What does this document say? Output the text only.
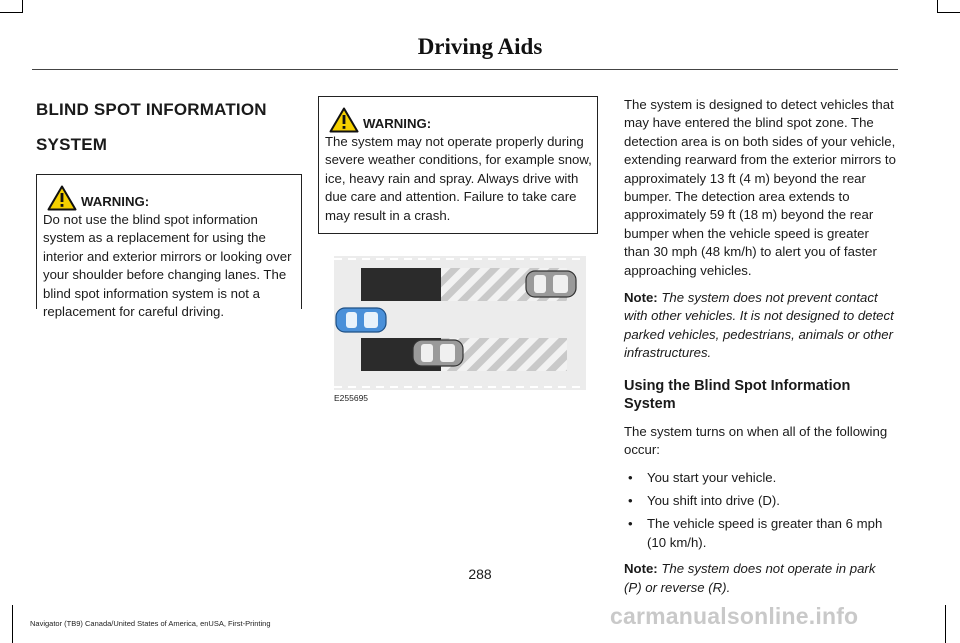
Driving Aids
BLIND SPOT INFORMATION
SYSTEM
WARNING:
Do not use the blind spot information system as a replacement for using the interior and exterior mirrors or looking over your shoulder before changing lanes. The blind spot information system is not a replacement for careful driving.
WARNING:
The system may not operate properly during severe weather conditions, for example snow, ice, heavy rain and spray. Always drive with due care and attention. Failure to take care may result in a crash.
E255695

The system is designed to detect vehicles that may have entered the blind spot zone. The detection area is on both sides of your vehicle, extending rearward from the exterior mirrors to approximately 13 ft (4 m) beyond the rear bumper. The detection area extends to approximately 59 ft (18 m) beyond the rear bumper when the vehicle speed is greater than 30 mph (48 km/h) to alert you of faster approaching vehicles.

Note: The system does not prevent contact with other vehicles. It is not designed to detect parked vehicles, pedestrians, animals or other infrastructures.

Using the Blind Spot Information System

The system turns on when all of the following occur:

• You start your vehicle.
• You shift into drive (D).
• The vehicle speed is greater than 6 mph (10 km/h).

Note: The system does not operate in park (P) or reverse (R).

288
Navigator (TB9) Canada/United States of America, enUSA, First-Printing	carmanualsonline.info
